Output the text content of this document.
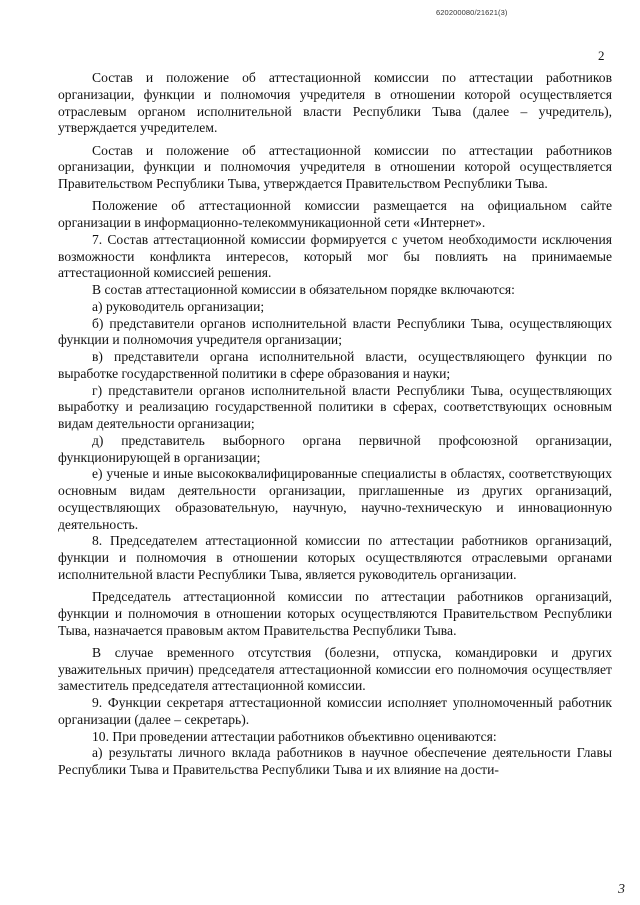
620200080/21621(3)
2

Состав и положение об аттестационной комиссии по аттестации работников организации, функции и полномочия учредителя в отношении которой осуществляется отраслевым органом исполнительной власти Республики Тыва (далее – учредитель), утверждается учредителем.

Состав и положение об аттестационной комиссии по аттестации работников организации, функции и полномочия учредителя в отношении которой осуществляется Правительством Республики Тыва, утверждается Правительством Республики Тыва.

Положение об аттестационной комиссии размещается на официальном сайте организации в информационно-телекоммуникационной сети «Интернет».

7. Состав аттестационной комиссии формируется с учетом необходимости исключения возможности конфликта интересов, который мог бы повлиять на принимаемые аттестационной комиссией решения.

В состав аттестационной комиссии в обязательном порядке включаются:

а) руководитель организации;

б) представители органов исполнительной власти Республики Тыва, осуществляющих функции и полномочия учредителя организации;

в) представители органа исполнительной власти, осуществляющего функции по выработке государственной политики в сфере образования и науки;

г) представители органов исполнительной власти Республики Тыва, осуществляющих выработку и реализацию государственной политики в сферах, соответствующих основным видам деятельности организации;

д) представитель выборного органа первичной профсоюзной организации, функционирующей в организации;

е) ученые и иные высококвалифицированные специалисты в областях, соответствующих основным видам деятельности организации, приглашенные из других организаций, осуществляющих образовательную, научную, научно-техническую и инновационную деятельность.

8. Председателем аттестационной комиссии по аттестации работников организаций, функции и полномочия в отношении которых осуществляются отраслевыми органами исполнительной власти Республики Тыва, является руководитель организации.

Председатель аттестационной комиссии по аттестации работников организаций, функции и полномочия в отношении которых осуществляются Правительством Республики Тыва, назначается правовым актом Правительства Республики Тыва.

В случае временного отсутствия (болезни, отпуска, командировки и других уважительных причин) председателя аттестационной комиссии его полномочия осуществляет заместитель председателя аттестационной комиссии.

9. Функции секретаря аттестационной комиссии исполняет уполномоченный работник организации (далее – секретарь).

10. При проведении аттестации работников объективно оцениваются:

а) результаты личного вклада работников в научное обеспечение деятельности Главы Республики Тыва и Правительства Республики Тыва и их влияние на дости-

3
